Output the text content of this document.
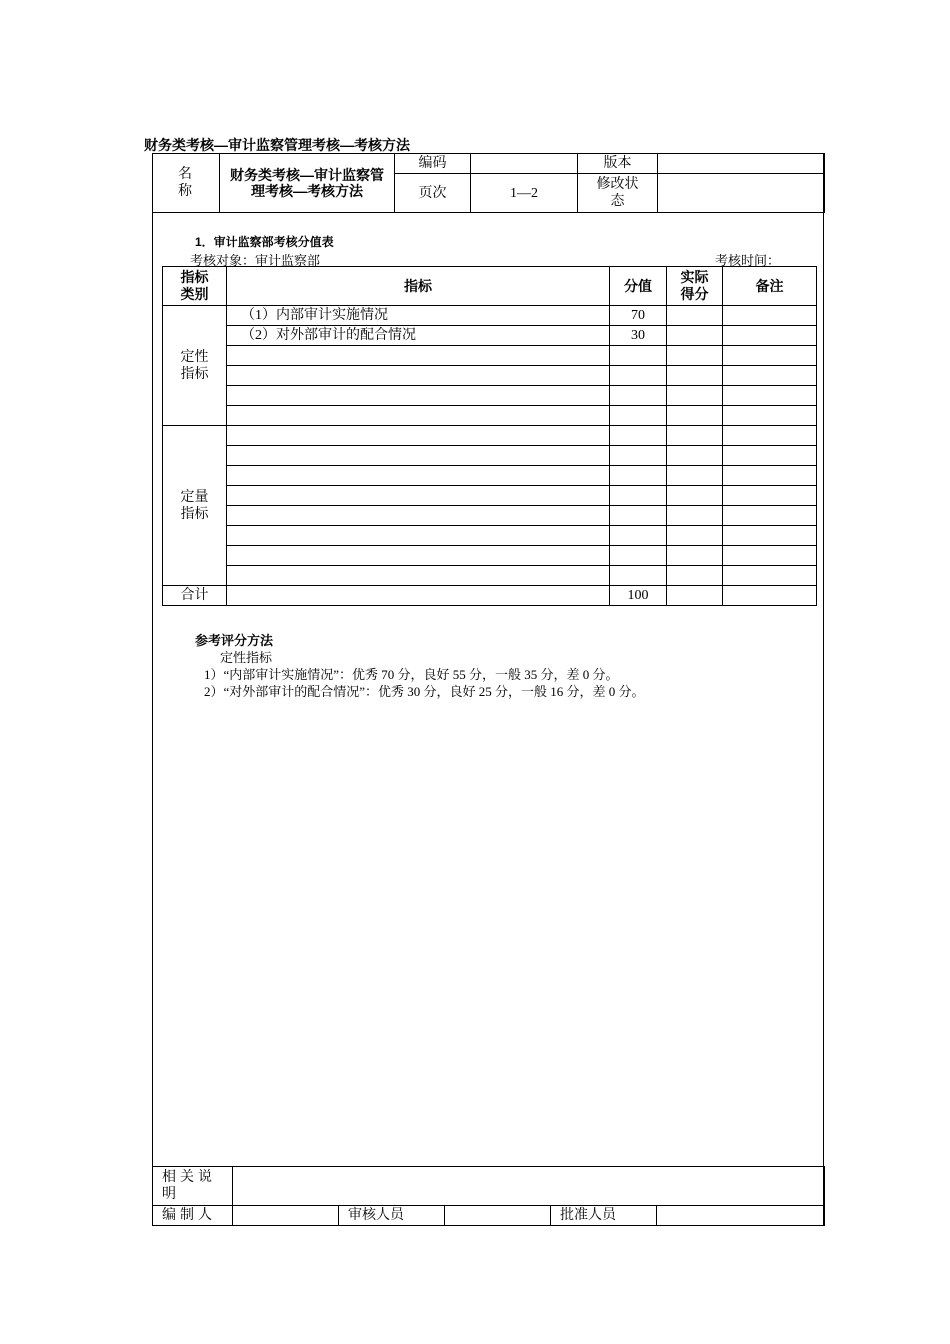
财务类考核—审计监察管理考核—考核方法
名称	财务类考核—审计监察管理考核—考核方法	编码		版本	
		页次	1—2	修改状态	
1．审计监察部考核分值表
考核对象：审计监察部	考核时间：
指标类别	指标	分值	实际得分	备注
定性指标	（1）内部审计实施情况	70		
	（2）对外部审计的配合情况	30		

定量指标				

合计		100		
参考评分方法
定性指标
1）“内部审计实施情况”：优秀 70 分，良好 55 分，一般 35 分，差 0 分。
2）“对外部审计的配合情况”：优秀 30 分，良好 25 分，一般 16 分，差 0 分。
相关说明					
编制人		审核人员		批准人员	
